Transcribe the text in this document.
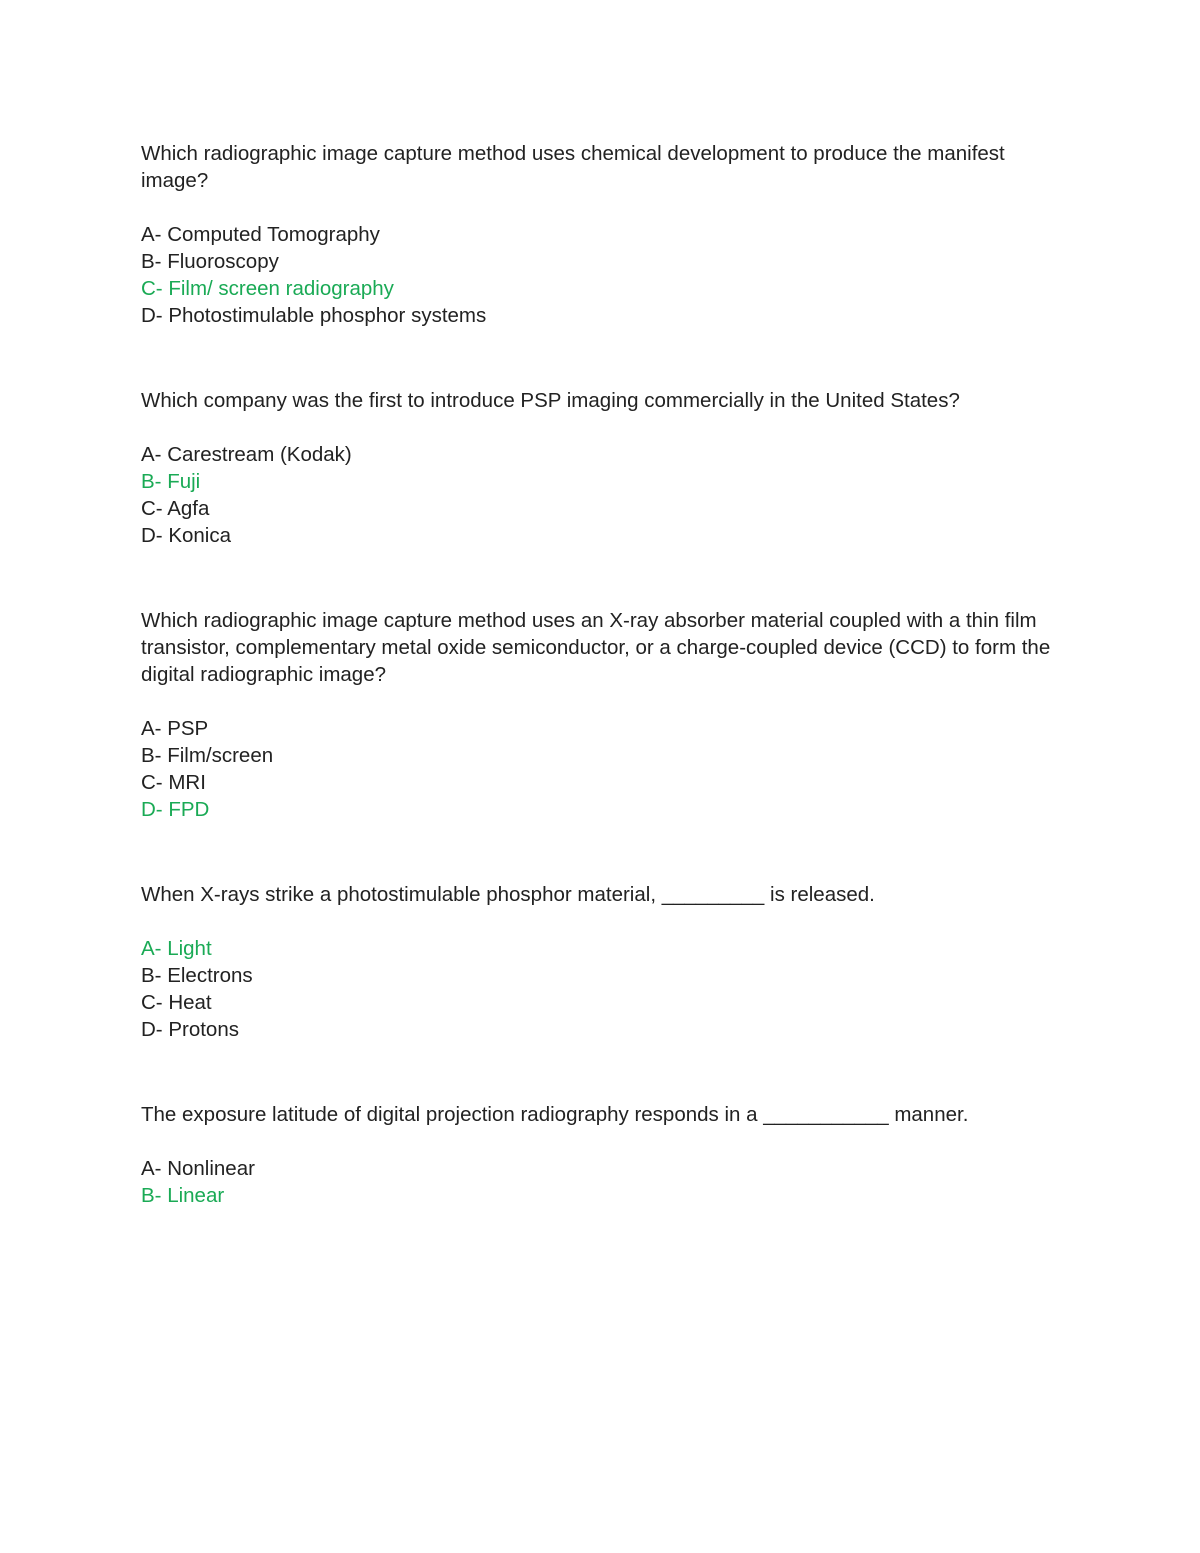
Which radiographic image capture method uses chemical development to produce the manifest image?

A- Computed Tomography
B- Fluoroscopy
C- Film/ screen radiography
D- Photostimulable phosphor systems

Which company was the first to introduce PSP imaging commercially in the United States?

A- Carestream (Kodak)
B- Fuji
C- Agfa
D- Konica

Which radiographic image capture method uses an X-ray absorber material coupled with a thin film transistor, complementary metal oxide semiconductor, or a charge-coupled device (CCD) to form the digital radiographic image?

A- PSP
B- Film/screen
C- MRI
D- FPD

When X-rays strike a photostimulable phosphor material, _________ is released.

A- Light
B- Electrons
C- Heat
D- Protons

The exposure latitude of digital projection radiography responds in a ___________ manner.

A- Nonlinear
B- Linear
